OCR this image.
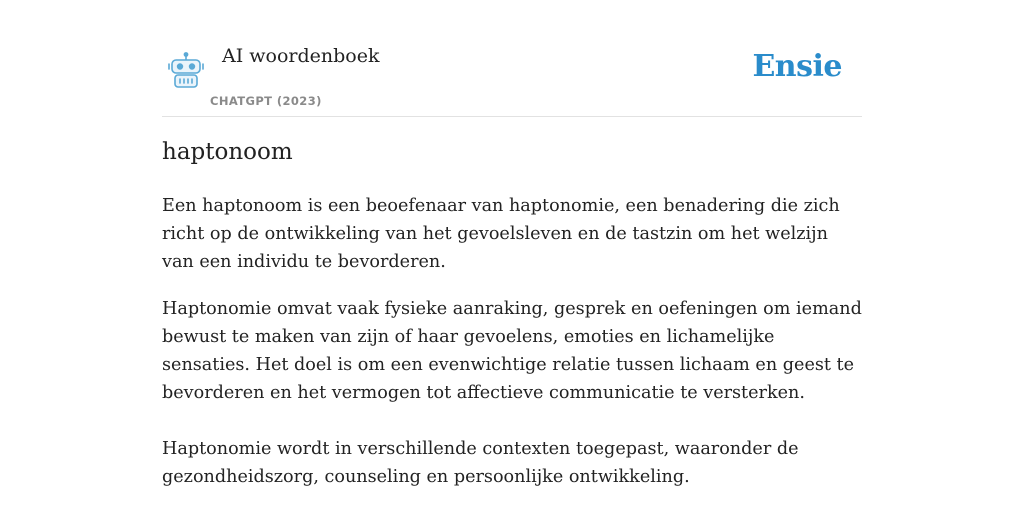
AI woordenboek
CHATGPT (2023)
Ensie
haptonoom

Een haptonoom is een beoefenaar van haptonomie, een benadering die zich richt op de ontwikkeling van het gevoelsleven en de tastzin om het welzijn van een individu te bevorderen.

Haptonomie omvat vaak fysieke aanraking, gesprek en oefeningen om iemand bewust te maken van zijn of haar gevoelens, emoties en lichamelijke sensaties. Het doel is om een evenwichtige relatie tussen lichaam en geest te bevorderen en het vermogen tot affectieve communicatie te versterken.

Haptonomie wordt in verschillende contexten toegepast, waaronder de gezondheidszorg, counseling en persoonlijke ontwikkeling.
